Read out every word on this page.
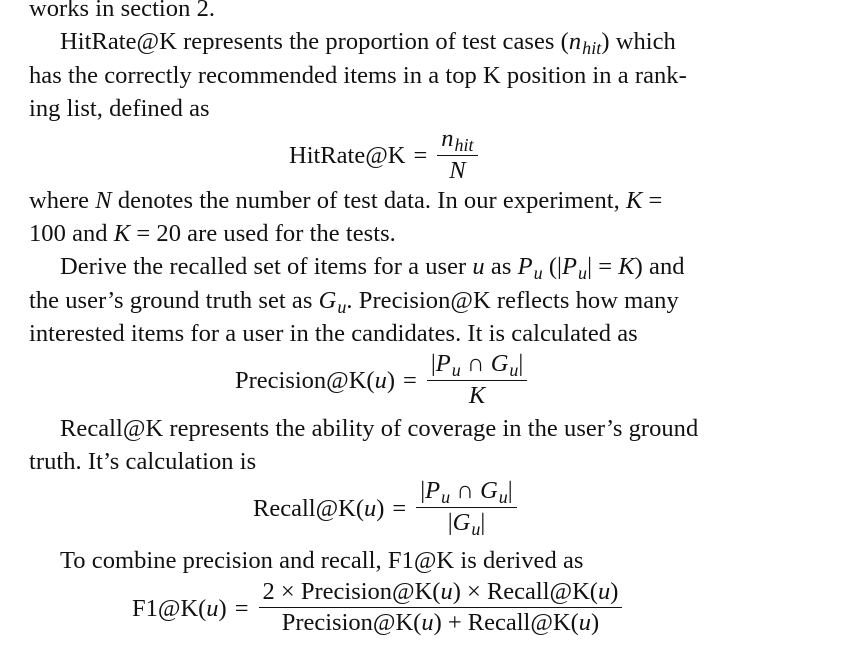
works in section 2.
HitRate@K represents the proportion of test cases $(n_{hit})$ which
has the correctly recommended items in a top K position in a rank-
ing list, defined as
HitRate@K = $\frac{n_{hit}}{N}$
where N denotes the number of test data. In our experiment, K =
100 and K = 20 are used for the tests.
Derive the recalled set of items for a user u as $P_u$ $(|P_u| = K)$ and
the user’s ground truth set as $G_u$. Precision@K reflects how many
interested items for a user in the candidates. It is calculated as
Precision@K(u) = $\frac{|P_u \cap G_u|}{K}$
Recall@K represents the ability of coverage in the user’s ground
truth. It’s calculation is
Recall@K(u) = $\frac{|P_u \cap G_u|}{|G_u|}$
To combine precision and recall, F1@K is derived as
F1@K(u) = $\frac{\text{2 × Precision@K(u) × Recall@K(u)}}{\text{Precision@K(u) + Recall@K(u)}}$
